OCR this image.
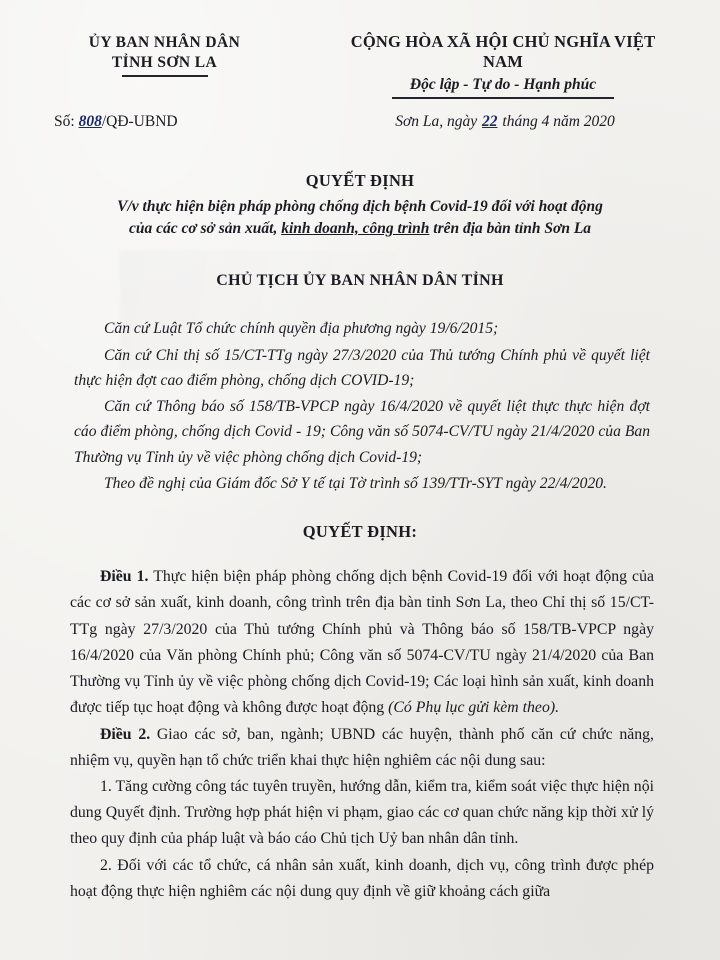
ỦY BAN NHÂN DÂN
TỈNH SƠN LA
CỘNG HÒA XÃ HỘI CHỦ NGHĨA VIỆT NAM
Độc lập - Tự do - Hạnh phúc
Số: 808/QĐ-UBND	Sơn La, ngày 22 tháng 4 năm 2020
QUYẾT ĐỊNH
V/v thực hiện biện pháp phòng chống dịch bệnh Covid-19 đối với hoạt động
của các cơ sở sản xuất, kinh doanh, công trình trên địa bàn tỉnh Sơn La
CHỦ TỊCH ỦY BAN NHÂN DÂN TỈNH

Căn cứ Luật Tổ chức chính quyền địa phương ngày 19/6/2015;

Căn cứ Chỉ thị số 15/CT-TTg ngày 27/3/2020 của Thủ tướng Chính phủ về quyết liệt thực hiện đợt cao điểm phòng, chống dịch COVID-19;

Căn cứ Thông báo số 158/TB-VPCP ngày 16/4/2020 về quyết liệt thực thực hiện đợt cáo điểm phòng, chống dịch Covid - 19; Công văn số 5074-CV/TU ngày 21/4/2020 của Ban Thường vụ Tỉnh ủy về việc phòng chống dịch Covid-19;

Theo đề nghị của Giám đốc Sở Y tế tại Tờ trình số 139/TTr-SYT ngày 22/4/2020.

QUYẾT ĐỊNH:

Điều 1. Thực hiện biện pháp phòng chống dịch bệnh Covid-19 đối với hoạt động của các cơ sở sản xuất, kinh doanh, công trình trên địa bàn tỉnh Sơn La, theo Chỉ thị số 15/CT-TTg ngày 27/3/2020 của Thủ tướng Chính phủ và Thông báo số 158/TB-VPCP ngày 16/4/2020 của Văn phòng Chính phủ; Công văn số 5074-CV/TU ngày 21/4/2020 của Ban Thường vụ Tỉnh ủy về việc phòng chống dịch Covid-19; Các loại hình sản xuất, kinh doanh được tiếp tục hoạt động và không được hoạt động (Có Phụ lục gửi kèm theo).

Điều 2. Giao các sở, ban, ngành; UBND các huyện, thành phố căn cứ chức năng, nhiệm vụ, quyền hạn tổ chức triển khai thực hiện nghiêm các nội dung sau:

1. Tăng cường công tác tuyên truyền, hướng dẫn, kiểm tra, kiểm soát việc thực hiện nội dung Quyết định. Trường hợp phát hiện vi phạm, giao các cơ quan chức năng kịp thời xử lý theo quy định của pháp luật và báo cáo Chủ tịch Uỷ ban nhân dân tỉnh.

2. Đối với các tổ chức, cá nhân sản xuất, kinh doanh, dịch vụ, công trình được phép hoạt động thực hiện nghiêm các nội dung quy định về giữ khoảng cách giữa
